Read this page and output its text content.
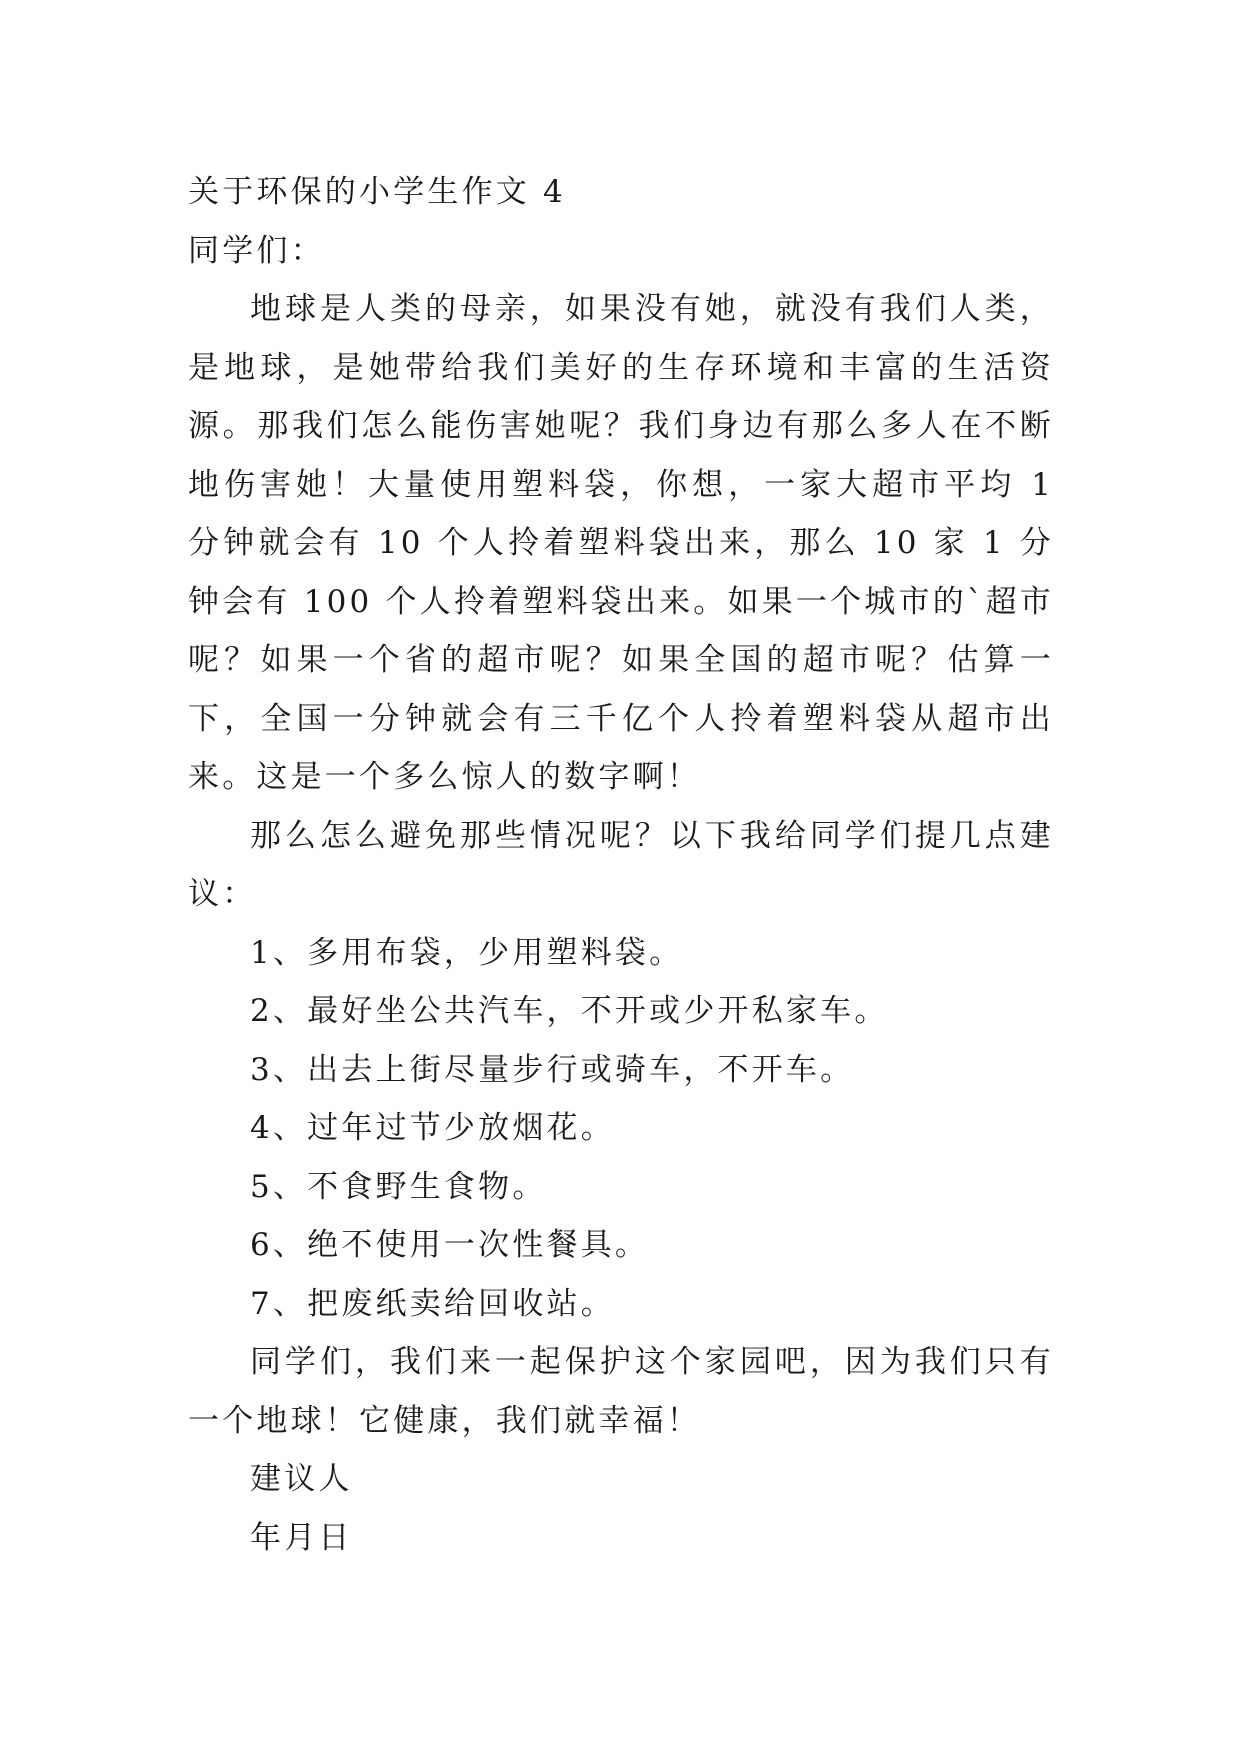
关于环保的小学生作文 4

同学们：

地球是人类的母亲，如果没有她，就没有我们人类，是地球，是她带给我们美好的生存环境和丰富的生活资源。那我们怎么能伤害她呢？我们身边有那么多人在不断地伤害她！大量使用塑料袋，你想，一家大超市平均 1 分钟就会有 10 个人拎着塑料袋出来，那么 10 家 1 分钟会有 100 个人拎着塑料袋出来。如果一个城市的`超市呢？如果一个省的超市呢？如果全国的超市呢？估算一下，全国一分钟就会有三千亿个人拎着塑料袋从超市出来。这是一个多么惊人的数字啊！

那么怎么避免那些情况呢？以下我给同学们提几点建议：

1、多用布袋，少用塑料袋。

2、最好坐公共汽车，不开或少开私家车。

3、出去上街尽量步行或骑车，不开车。

4、过年过节少放烟花。

5、不食野生食物。

6、绝不使用一次性餐具。

7、把废纸卖给回收站。

同学们，我们来一起保护这个家园吧，因为我们只有一个地球！它健康，我们就幸福！

建议人

年月日
